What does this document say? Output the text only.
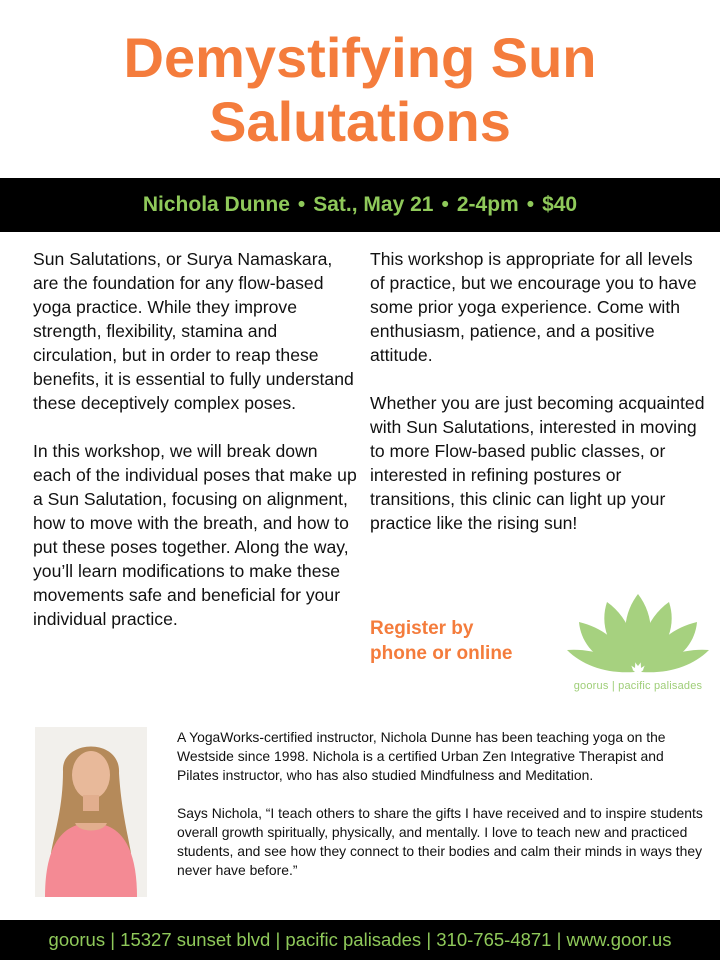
Demystifying Sun
Salutations
Nichola Dunne • Sat., May 21 • 2-4pm • $40

Sun Salutations, or Surya Namaskara, are the foundation for any flow-based yoga practice. While they improve strength, flexibility, stamina and circulation, but in order to reap these benefits, it is essential to fully understand these deceptively complex poses.

In this workshop, we will break down each of the individual poses that make up a Sun Salutation, focusing on alignment, how to move with the breath, and how to put these poses together. Along the way, you’ll learn modifications to make these movements safe and beneficial for your individual practice.

This workshop is appropriate for all levels of practice, but we encourage you to have some prior yoga experience. Come with enthusiasm, patience, and a positive attitude.

Whether you are just becoming acquainted with Sun Salutations, interested in moving to more Flow-based public classes, or interested in refining postures or transitions, this clinic can light up your practice like the rising sun!

Register by
phone or online
goorus | pacific palisades

A YogaWorks-certified instructor, Nichola Dunne has been teaching yoga on the Westside since 1998. Nichola is a certified Urban Zen Integrative Therapist and Pilates instructor, who has also studied Mindfulness and Meditation.

Says Nichola, “I teach others to share the gifts I have received and to inspire students overall growth spiritually, physically, and mentally. I love to teach new and practiced students, and see how they connect to their bodies and calm their minds in ways they never have before.”

goorus | 15327 sunset blvd | pacific palisades | 310-765-4871 | www.goor.us
